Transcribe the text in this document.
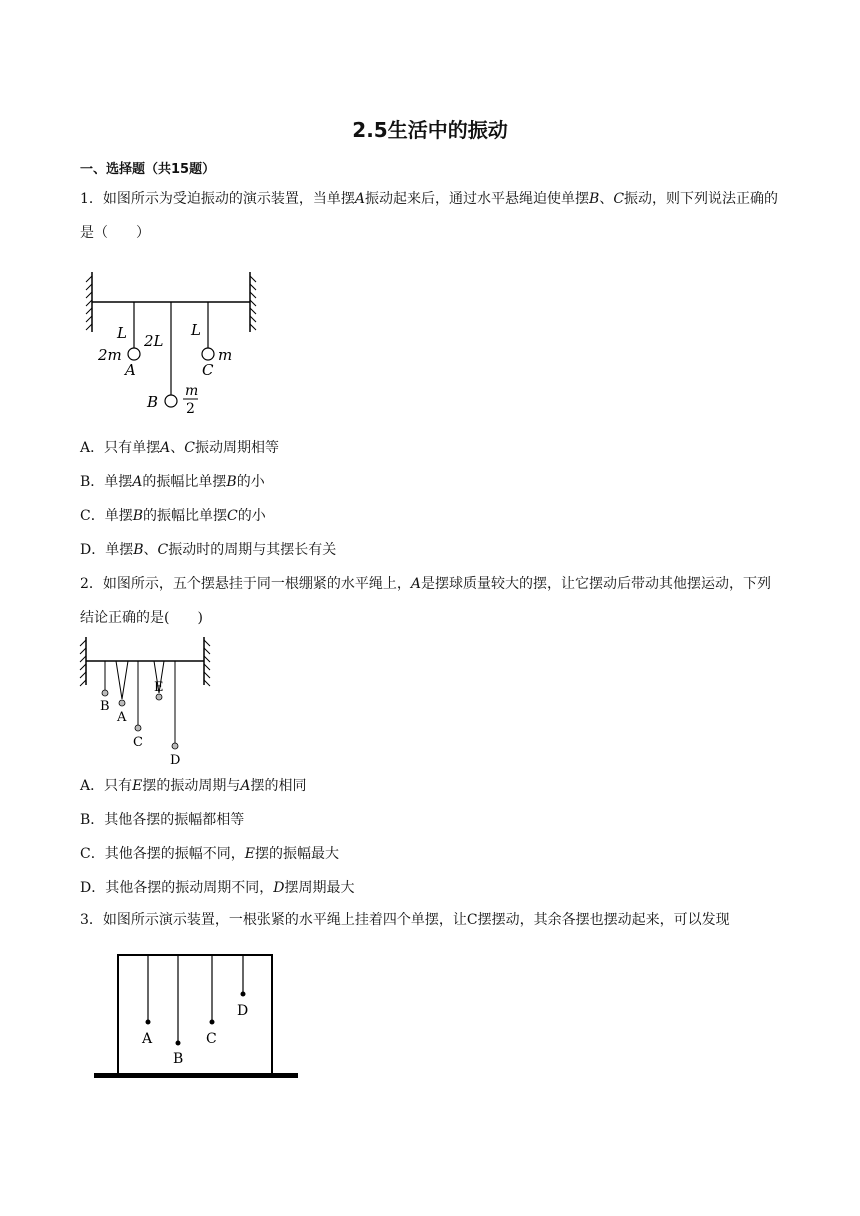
2.5生活中的振动
一、选择题（共15题）
1．如图所示为受迫振动的演示装置，当单摆A振动起来后，通过水平悬绳迫使单摆B、C振动，则下列说法正确的是（　　）
L 2L
L
2m
A
m
C
B
m
2
A．只有单摆A、C振动周期相等
B．单摆A的振幅比单摆B的小
C．单摆B的振幅比单摆C的小
D．单摆B、C振动时的周期与其摆长有关
2．如图所示，五个摆悬挂于同一根绷紧的水平绳上，A是摆球质量较大的摆，让它摆动后带动其他摆运动，下列结论正确的是(　　)
B
A
C
E
D
A．只有E摆的振动周期与A摆的相同
B．其他各摆的振幅都相等
C．其他各摆的振幅不同，E摆的振幅最大
D．其他各摆的振动周期不同，D摆周期最大
3．如图所示演示装置，一根张紧的水平绳上挂着四个单摆，让C摆摆动，其余各摆也摆动起来，可以发现
A
B
C
D
